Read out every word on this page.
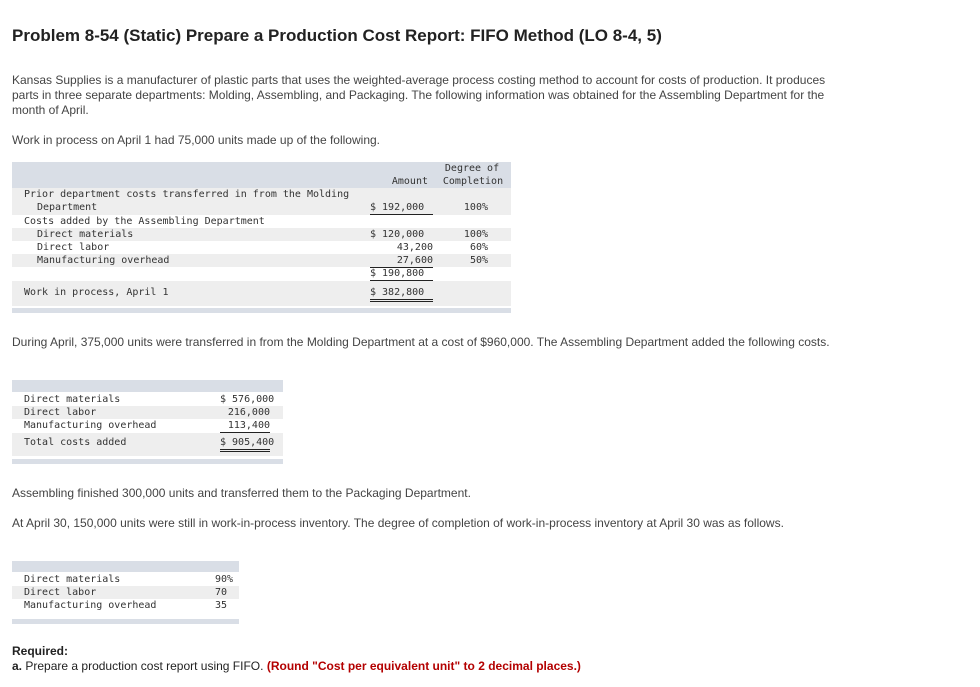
Problem 8-54 (Static) Prepare a Production Cost Report: FIFO Method (LO 8-4, 5)
Kansas Supplies is a manufacturer of plastic parts that uses the weighted-average process costing method to account for costs of production. It produces parts in three separate departments: Molding, Assembling, and Packaging. The following information was obtained for the Assembling Department for the month of April.
Work in process on April 1 had 75,000 units made up of the following.
Amount
Degree of
Completion
Prior department costs transferred in from the Molding
Department	$ 192,000	100%
Costs added by the Assembling Department
Direct materials	$ 120,000	100%
Direct labor	43,200	60%
Manufacturing overhead	27,600	50%
$ 190,800
Work in process, April 1	$ 382,800
During April, 375,000 units were transferred in from the Molding Department at a cost of $960,000. The Assembling Department added the following costs.
Direct materials	$ 576,000
Direct labor	216,000
Manufacturing overhead	113,400
Total costs added	$ 905,400
Assembling finished 300,000 units and transferred them to the Packaging Department.
At April 30, 150,000 units were still in work-in-process inventory. The degree of completion of work-in-process inventory at April 30 was as follows.
Direct materials	90%
Direct labor	70
Manufacturing overhead	35
Required:
a. Prepare a production cost report using FIFO. (Round "Cost per equivalent unit" to 2 decimal places.)
